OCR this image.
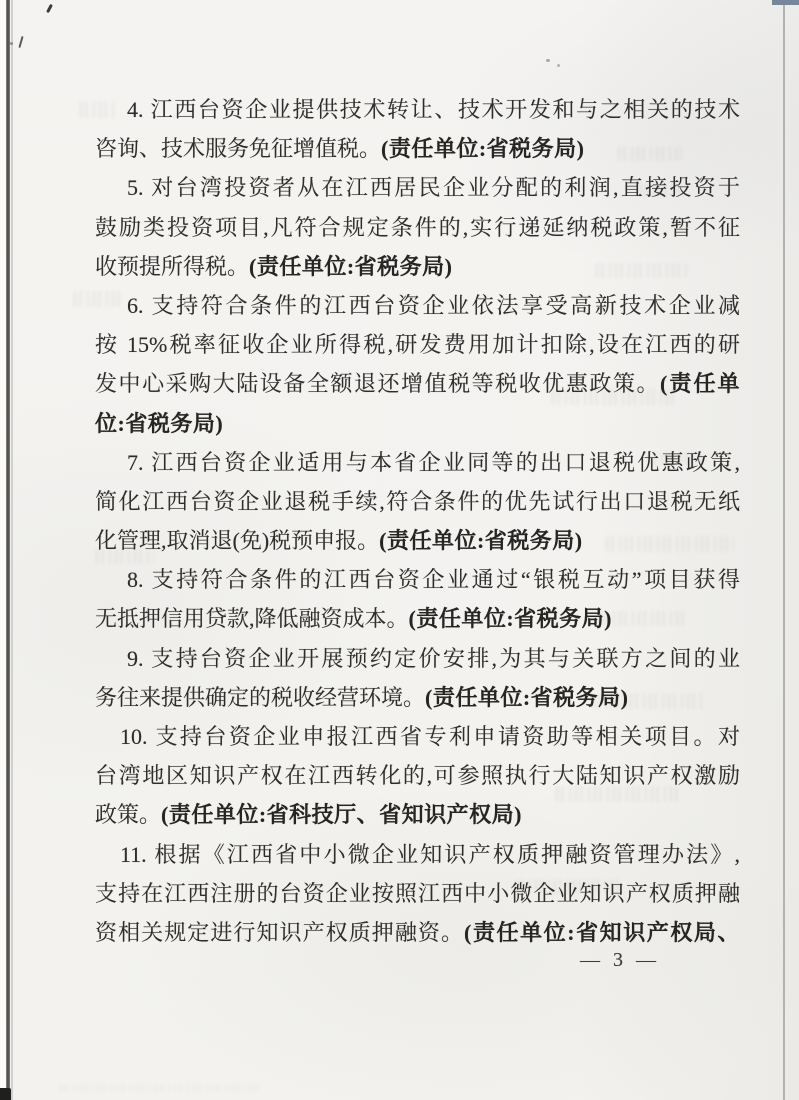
4. 江西台资企业提供技术转让、技术开发和与之相关的技术
咨询、技术服务免征增值税。(责任单位:省税务局)
5. 对台湾投资者从在江西居民企业分配的利润,直接投资于
鼓励类投资项目,凡符合规定条件的,实行递延纳税政策,暂不征
收预提所得税。(责任单位:省税务局)
6. 支持符合条件的江西台资企业依法享受高新技术企业减
按 15%税率征收企业所得税,研发费用加计扣除,设在江西的研
发中心采购大陆设备全额退还增值税等税收优惠政策。(责任单
位:省税务局)
7. 江西台资企业适用与本省企业同等的出口退税优惠政策,
简化江西台资企业退税手续,符合条件的优先试行出口退税无纸
化管理,取消退(免)税预申报。(责任单位:省税务局)
8. 支持符合条件的江西台资企业通过“银税互动”项目获得
无抵押信用贷款,降低融资成本。(责任单位:省税务局)
9. 支持台资企业开展预约定价安排,为其与关联方之间的业
务往来提供确定的税收经营环境。(责任单位:省税务局)
10. 支持台资企业申报江西省专利申请资助等相关项目。对
台湾地区知识产权在江西转化的,可参照执行大陆知识产权激励
政策。(责任单位:省科技厅、省知识产权局)
11. 根据《江西省中小微企业知识产权质押融资管理办法》,
支持在江西注册的台资企业按照江西中小微企业知识产权质押融
资相关规定进行知识产权质押融资。(责任单位:省知识产权局、
— 3 —
